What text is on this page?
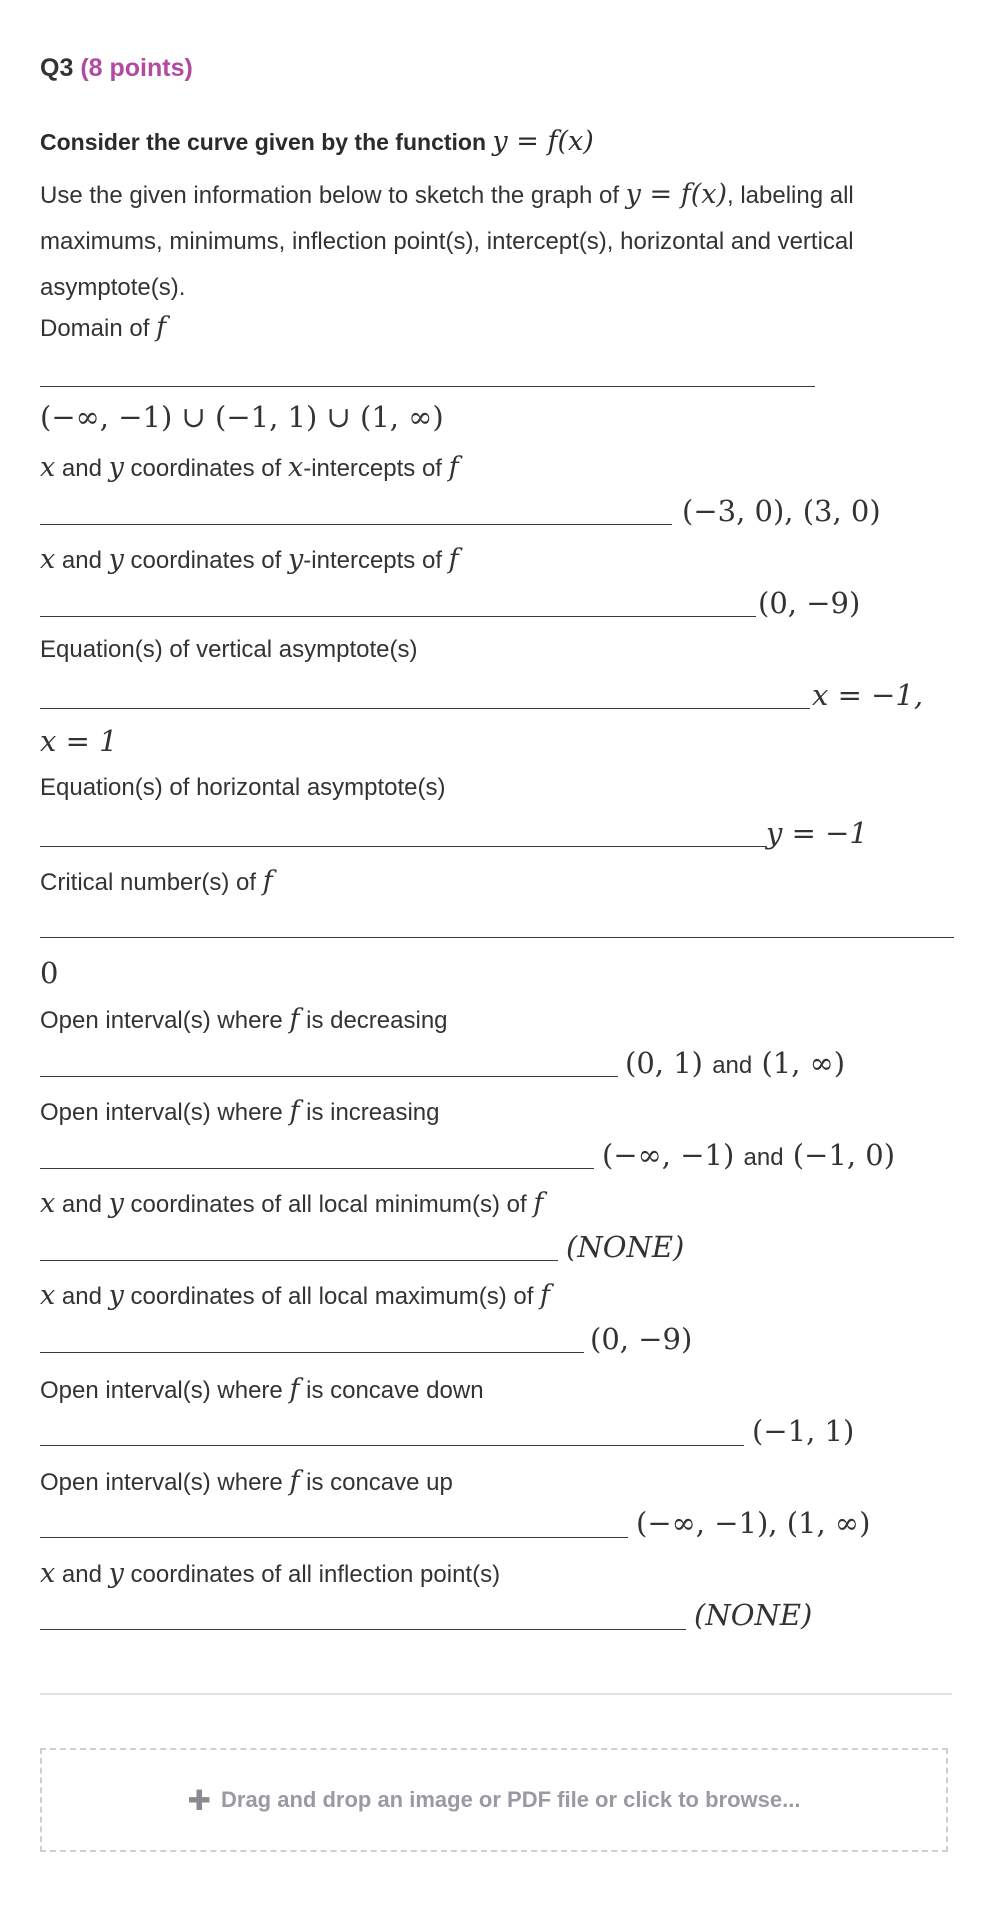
Q3 (8 points)
Consider the curve given by the function y = f(x)
Use the given information below to sketch the graph of y = f(x), labeling all maximums, minimums, inflection point(s), intercept(s), horizontal and vertical asymptote(s).
Domain of f
(−∞, −1) ∪ (−1, 1) ∪ (1, ∞)
x and y coordinates of x-intercepts of f
(−3, 0), (3, 0)
x and y coordinates of y-intercepts of f
(0, −9)
Equation(s) of vertical asymptote(s)
x = −1,
x = 1
Equation(s) of horizontal asymptote(s)
y = −1
Critical number(s) of f
0
Open interval(s) where f is decreasing
(0, 1) and (1, ∞)
Open interval(s) where f is increasing
(−∞, −1) and (−1, 0)
x and y coordinates of all local minimum(s) of f
(NONE)
x and y coordinates of all local maximum(s) of f
(0, −9)
Open interval(s) where f is concave down
(−1, 1)
Open interval(s) where f is concave up
(−∞, −1), (1, ∞)
x and y coordinates of all inflection point(s)
(NONE)
✚ Drag and drop an image or PDF file or click to browse...
